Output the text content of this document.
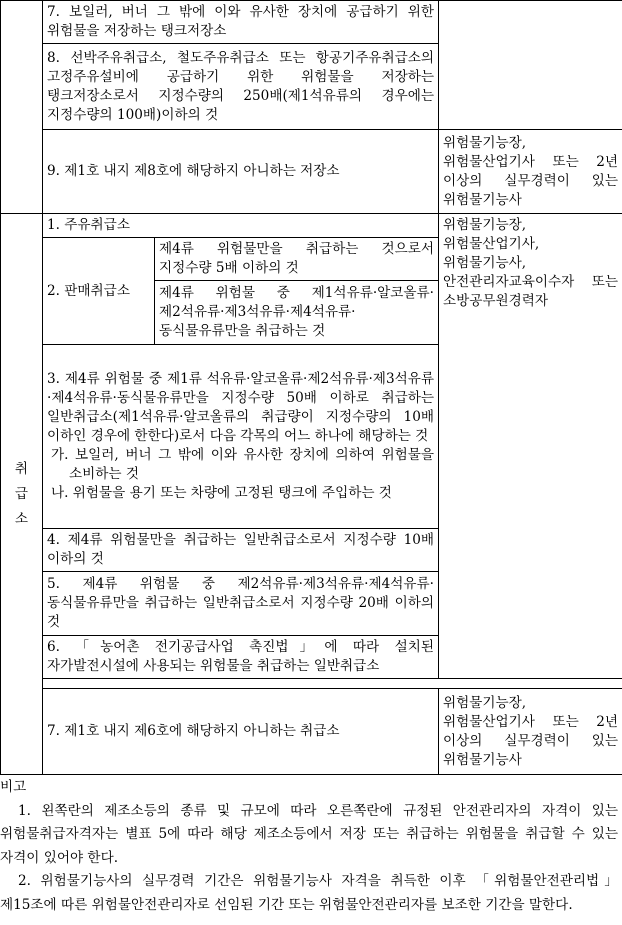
	7. 보일러, 버너 그 밖에 이와 유사한 장치에 공급하기 위한 위험물을 저장하는 탱크저장소		
	8. 선박주유취급소, 철도주유취급소 또는 항공기주유취급소의 고정주유설비에 공급하기 위한 위험물을 저장하는 탱크저장소로서 지정수량의 250배(제1석유류의 경우에는 지정수량의 100배)이하의 것		
	9. 제1호 내지 제8호에 해당하지 아니하는 저장소		위험물기능장, 위험물산업기사 또는 2년 이상의 실무경력이 있는 위험물기능사

취
급
소	1. 주유취급소		위험물기능장, 위험물산업기사, 위험물기능사, 안전관리자교육이수자 또는 소방공무원경력자
	2. 판매취급소	제4류 위험물만을 취급하는 것으로서 지정수량 5배 이하의 것	
		제4류 위험물 중 제1석유류·알코올류·제2석유류·제3석유류·제4석유류·동식물유류만을 취급하는 것	
	3. 제4류 위험물 중 제1류 석유류·알코올류·제2석유류·제3석유류·제4석유류·동식물유류만을 지정수량 50배 이하로 취급하는 일반취급소(제1석유류·알코올류의 취급량이 지정수량의 10배 이하인 경우에 한한다)로서 다음 각목의 어느 하나에 해당하는 것
가. 보일러, 버너 그 밖에 이와 유사한 장치에 의하여 위험물을 소비하는 것
나. 위험물을 용기 또는 차량에 고정된 탱크에 주입하는 것		

	4. 제4류 위험물만을 취급하는 일반취급소로서 지정수량 10배 이하의 것		
	5. 제4류 위험물 중 제2석유류·제3석유류·제4석유류·동식물유류만을 취급하는 일반취급소로서 지정수량 20배 이하의 것		
	6. 「농어촌 전기공급사업 촉진법」에 따라 설치된 자가발전시설에 사용되는 위험물을 취급하는 일반취급소		

	7. 제1호 내지 제6호에 해당하지 아니하는 취급소		위험물기능장, 위험물산업기사 또는 2년 이상의 실무경력이 있는 위험물기능사

비고

1. 왼쪽란의 제조소등의 종류 및 규모에 따라 오른쪽란에 규정된 안전관리자의 자격이 있는 위험물취급자격자는 별표 5에 따라 해당 제조소등에서 저장 또는 취급하는 위험물을 취급할 수 있는 자격이 있어야 한다.

2. 위험물기능사의 실무경력 기간은 위험물기능사 자격을 취득한 이후 「위험물안전관리법」 제15조에 따른 위험물안전관리자로 선임된 기간 또는 위험물안전관리자를 보조한 기간을 말한다.
